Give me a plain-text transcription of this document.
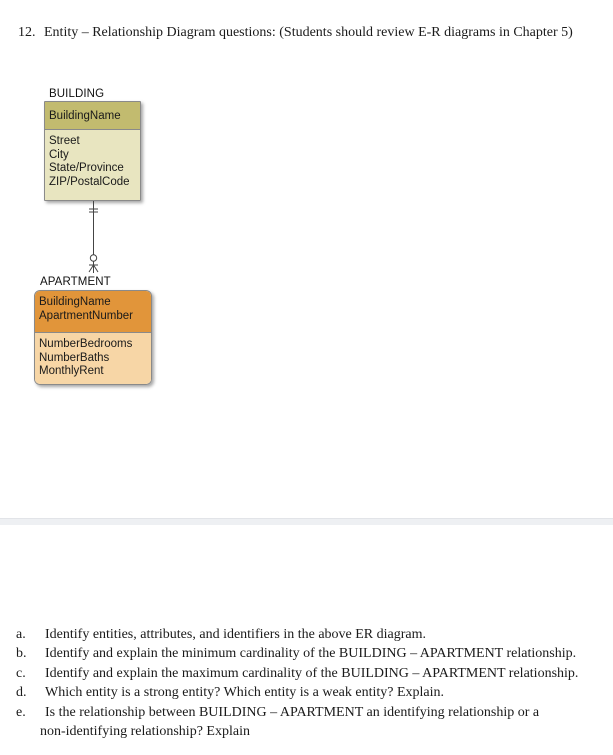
12. Entity – Relationship Diagram questions: (Students should review E-R diagrams in Chapter 5)
BUILDING
BuildingName
Street
City
State/Province
ZIP/PostalCode
APARTMENT
BuildingName
ApartmentNumber
NumberBedrooms
NumberBaths
MonthlyRent
a. Identify entities, attributes, and identifiers in the above ER diagram.
b. Identify and explain the minimum cardinality of the BUILDING – APARTMENT relationship.
c. Identify and explain the maximum cardinality of the BUILDING – APARTMENT relationship.
d. Which entity is a strong entity? Which entity is a weak entity? Explain.
e. Is the relationship between BUILDING – APARTMENT an identifying relationship or a
non-identifying relationship? Explain
